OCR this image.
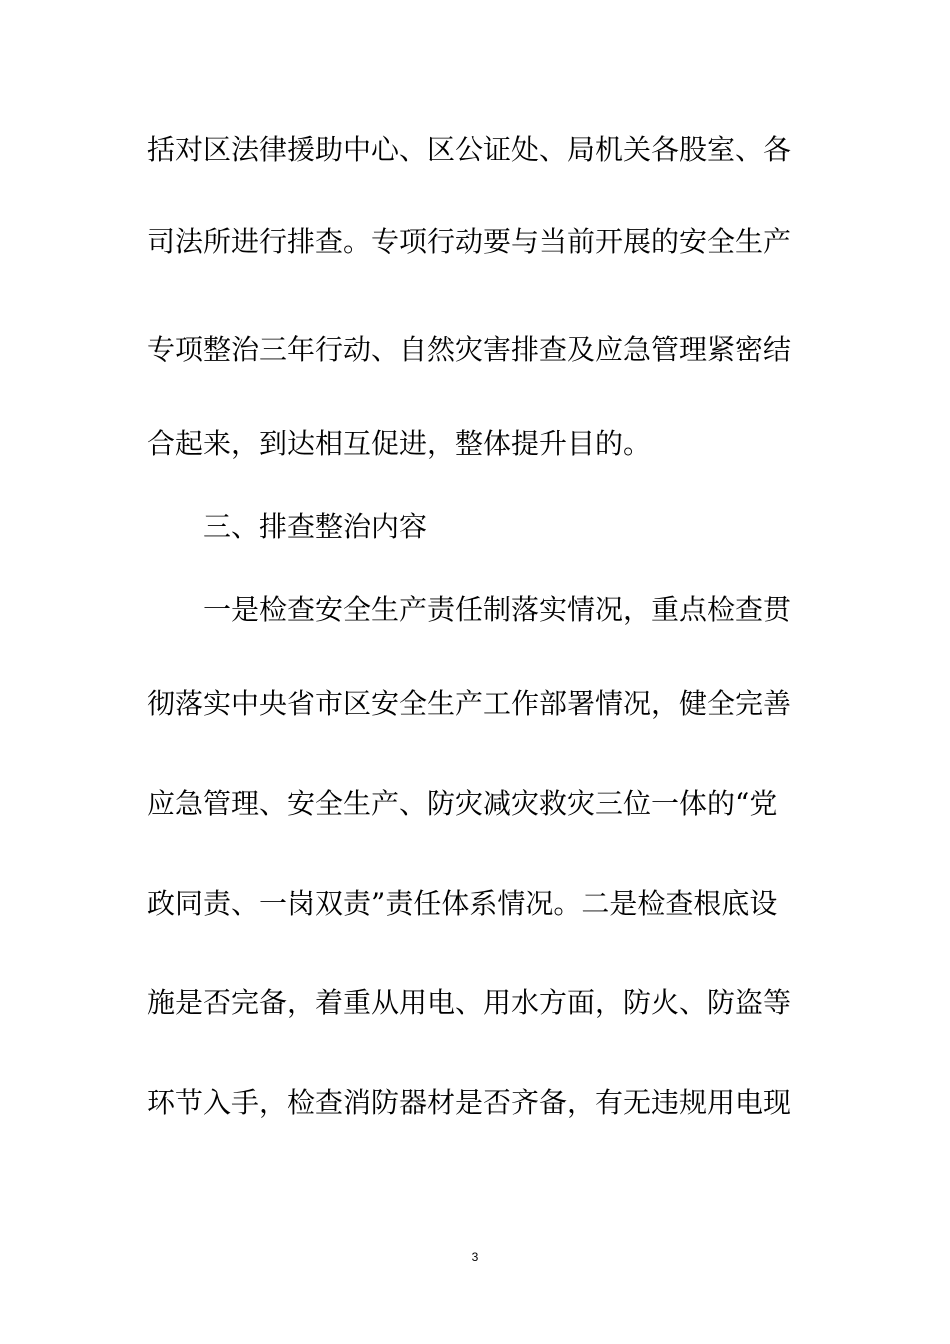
括对区法律援助中心、区公证处、局机关各股室、各
司法所进行排查。专项行动要与当前开展的安全生产
专项整治三年行动、自然灾害排查及应急管理紧密结
合起来，到达相互促进，整体提升目的。
三、排查整治内容
一是检查安全生产责任制落实情况，重点检查贯
彻落实中央省市区安全生产工作部署情况，健全完善
应急管理、安全生产、防灾减灾救灾三位一体的“党
政同责、一岗双责”责任体系情况。二是检查根底设
施是否完备，着重从用电、用水方面，防火、防盗等
环节入手，检查消防器材是否齐备，有无违规用电现
3
